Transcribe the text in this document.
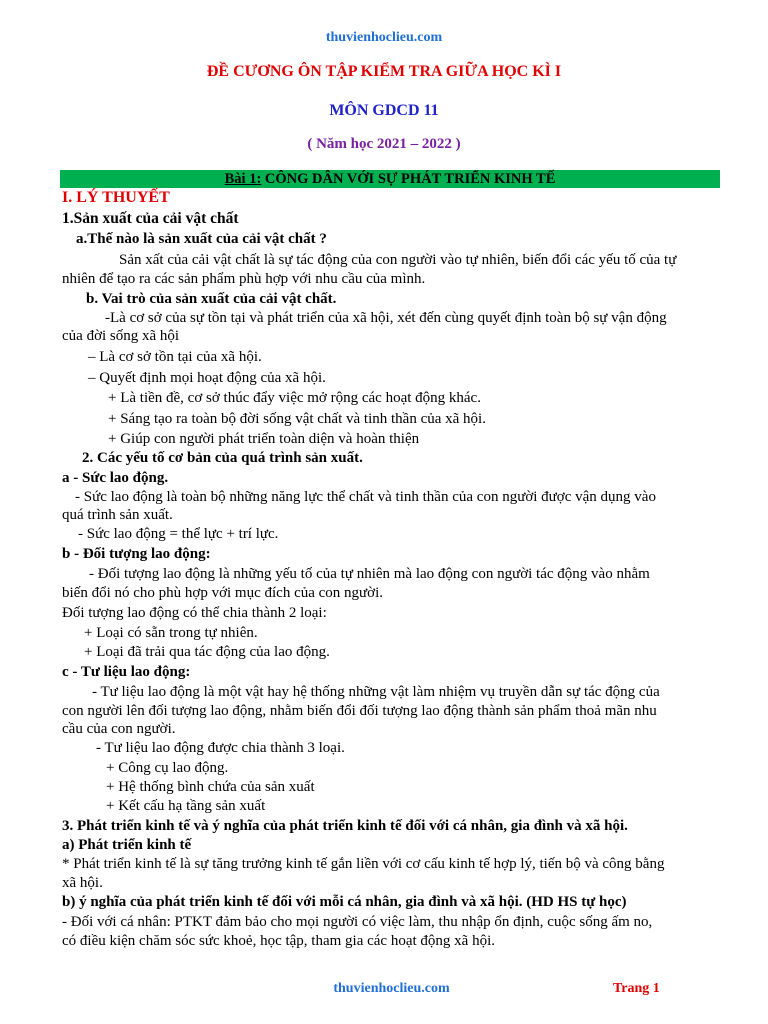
thuvienhoclieu.com
ĐỀ CƯƠNG ÔN TẬP KIỂM TRA GIỮA HỌC KÌ I
MÔN GDCD 11
( Năm học 2021 – 2022 )
Bài 1: CÔNG DÂN VỚI SỰ PHÁT TRIỂN KINH TẾ
I. LÝ THUYẾT
1.Sản xuất của cải vật chất
a.Thế nào là sản xuất của cải vật chất ?
Sản xất của cải vật chất là sự tác động của con người vào tự nhiên, biến đổi các yếu tố của tự
nhiên để tạo ra các sản phẩm phù hợp với nhu cầu của mình.
b. Vai trò của sản xuất của cải vật chất.
-Là cơ sở của sự tồn tại và phát triển của xã hội, xét đến cùng quyết định toàn bộ sự vận động
của đời sống xã hội
– Là cơ sở tồn tại của xã hội.
– Quyết định mọi hoạt động của xã hội.
+ Là tiền đề, cơ sở thúc đẩy việc mở rộng các hoạt động khác.
+ Sáng tạo ra toàn bộ đời sống vật chất và tinh thần của xã hội.
+ Giúp con người phát triển toàn diện và hoàn thiện
2. Các yếu tố cơ bản của quá trình sản xuất.
a - Sức lao động.
- Sức lao động là toàn bộ những năng lực thể chất và tinh thần của con người được vận dụng vào
quá trình sản xuất.
- Sức lao động = thể lực + trí lực.
b - Đối tượng lao động:
- Đối tượng lao động là những yếu tố của tự nhiên mà lao động con người tác động vào nhằm
biến đổi nó cho phù hợp với mục đích của con người.
Đối tượng lao động có thể chia thành 2 loại:
+ Loại có sẵn trong tự nhiên.
+ Loại đã trải qua tác động của lao động.
c - Tư liệu lao động:
- Tư liệu lao động là một vật hay hệ thống những vật làm nhiệm vụ truyền dẫn sự tác động của
con người lên đối tượng lao động, nhằm biến đổi đối tượng lao động thành sản phẩm thoả mãn nhu
cầu của con người.
- Tư liệu lao động được chia thành 3 loại.
+ Công cụ lao động.
+ Hệ thống bình chứa của sản xuất
+ Kết cấu hạ tầng sản xuất
3. Phát triển kinh tế và ý nghĩa của phát triển kinh tế đối với cá nhân, gia đình và xã hội.
a) Phát triển kinh tế
* Phát triển kinh tế là sự tăng trưởng kinh tế gắn liền với cơ cấu kinh tế hợp lý, tiến bộ và công bằng
xã hội.
b) ý nghĩa của phát triển kinh tế đối với mỗi cá nhân, gia đình và xã hội. (HD HS tự học)
- Đối với cá nhân: PTKT đảm bảo cho mọi người có việc làm, thu nhập ổn định, cuộc sống ấm no,
có điều kiện chăm sóc sức khoẻ, học tập, tham gia các hoạt động xã hội.
thuvienhoclieu.com	Trang 1
